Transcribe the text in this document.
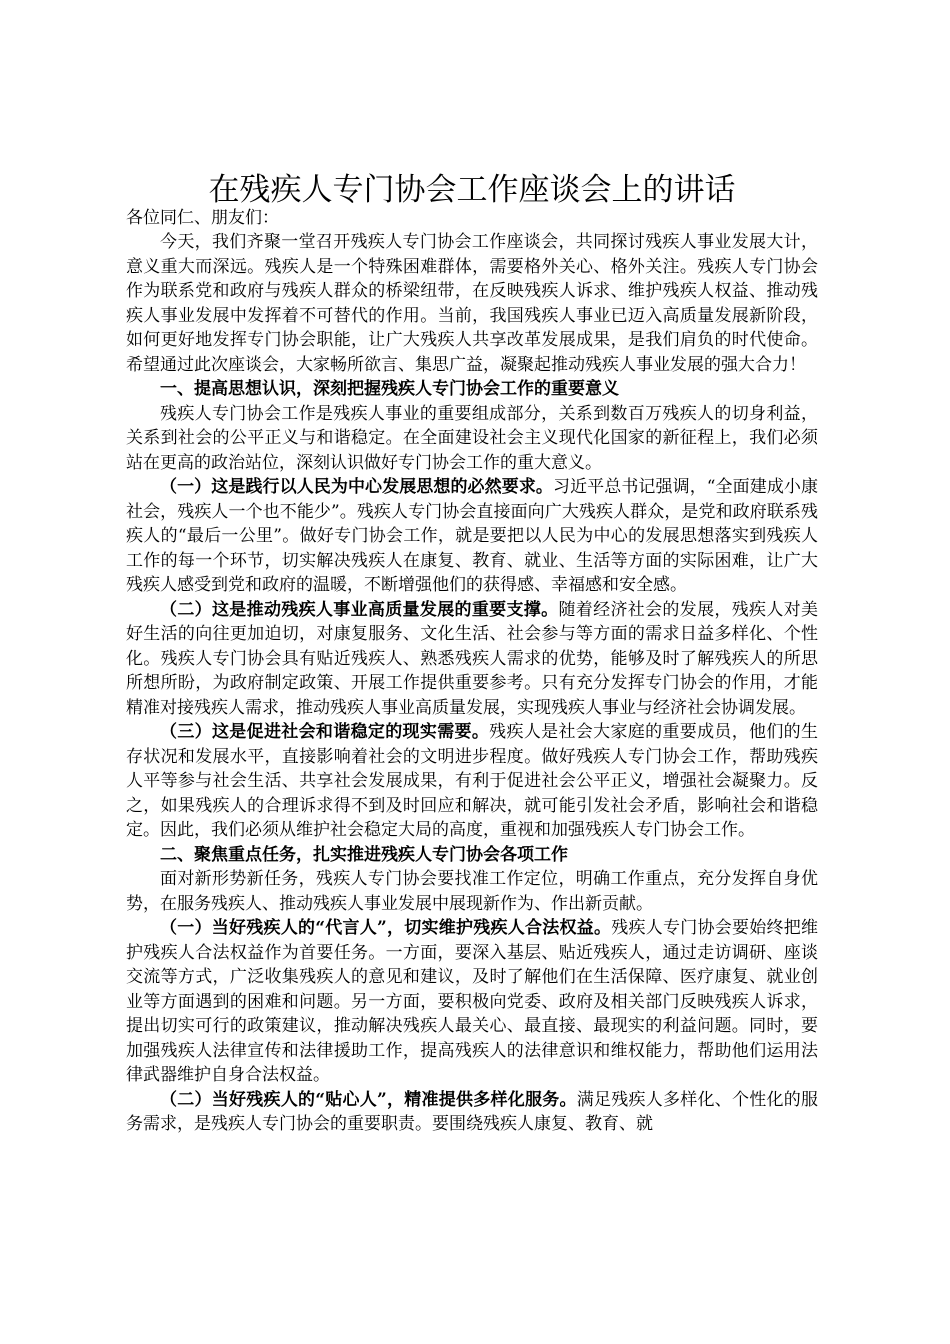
在残疾人专门协会工作座谈会上的讲话

各位同仁、朋友们：

今天，我们齐聚一堂召开残疾人专门协会工作座谈会，共同探讨残疾人事业发展大计，意义重大而深远。残疾人是一个特殊困难群体，需要格外关心、格外关注。残疾人专门协会作为联系党和政府与残疾人群众的桥梁纽带，在反映残疾人诉求、维护残疾人权益、推动残疾人事业发展中发挥着不可替代的作用。当前，我国残疾人事业已迈入高质量发展新阶段，如何更好地发挥专门协会职能，让广大残疾人共享改革发展成果，是我们肩负的时代使命。希望通过此次座谈会，大家畅所欲言、集思广益，凝聚起推动残疾人事业发展的强大合力！

一、提高思想认识，深刻把握残疾人专门协会工作的重要意义

残疾人专门协会工作是残疾人事业的重要组成部分，关系到数百万残疾人的切身利益，关系到社会的公平正义与和谐稳定。在全面建设社会主义现代化国家的新征程上，我们必须站在更高的政治站位，深刻认识做好专门协会工作的重大意义。

（一）这是践行以人民为中心发展思想的必然要求。习近平总书记强调，“全面建成小康社会，残疾人一个也不能少”。残疾人专门协会直接面向广大残疾人群众，是党和政府联系残疾人的“最后一公里”。做好专门协会工作，就是要把以人民为中心的发展思想落实到残疾人工作的每一个环节，切实解决残疾人在康复、教育、就业、生活等方面的实际困难，让广大残疾人感受到党和政府的温暖，不断增强他们的获得感、幸福感和安全感。

（二）这是推动残疾人事业高质量发展的重要支撑。随着经济社会的发展，残疾人对美好生活的向往更加迫切，对康复服务、文化生活、社会参与等方面的需求日益多样化、个性化。残疾人专门协会具有贴近残疾人、熟悉残疾人需求的优势，能够及时了解残疾人的所思所想所盼，为政府制定政策、开展工作提供重要参考。只有充分发挥专门协会的作用，才能精准对接残疾人需求，推动残疾人事业高质量发展，实现残疾人事业与经济社会协调发展。

（三）这是促进社会和谐稳定的现实需要。残疾人是社会大家庭的重要成员，他们的生存状况和发展水平，直接影响着社会的文明进步程度。做好残疾人专门协会工作，帮助残疾人平等参与社会生活、共享社会发展成果，有利于促进社会公平正义，增强社会凝聚力。反之，如果残疾人的合理诉求得不到及时回应和解决，就可能引发社会矛盾，影响社会和谐稳定。因此，我们必须从维护社会稳定大局的高度，重视和加强残疾人专门协会工作。

二、聚焦重点任务，扎实推进残疾人专门协会各项工作

面对新形势新任务，残疾人专门协会要找准工作定位，明确工作重点，充分发挥自身优势，在服务残疾人、推动残疾人事业发展中展现新作为、作出新贡献。

（一）当好残疾人的“代言人”，切实维护残疾人合法权益。残疾人专门协会要始终把维护残疾人合法权益作为首要任务。一方面，要深入基层、贴近残疾人，通过走访调研、座谈交流等方式，广泛收集残疾人的意见和建议，及时了解他们在生活保障、医疗康复、就业创业等方面遇到的困难和问题。另一方面，要积极向党委、政府及相关部门反映残疾人诉求，提出切实可行的政策建议，推动解决残疾人最关心、最直接、最现实的利益问题。同时，要加强残疾人法律宣传和法律援助工作，提高残疾人的法律意识和维权能力，帮助他们运用法律武器维护自身合法权益。

（二）当好残疾人的“贴心人”，精准提供多样化服务。满足残疾人多样化、个性化的服务需求，是残疾人专门协会的重要职责。要围绕残疾人康复、教育、就
